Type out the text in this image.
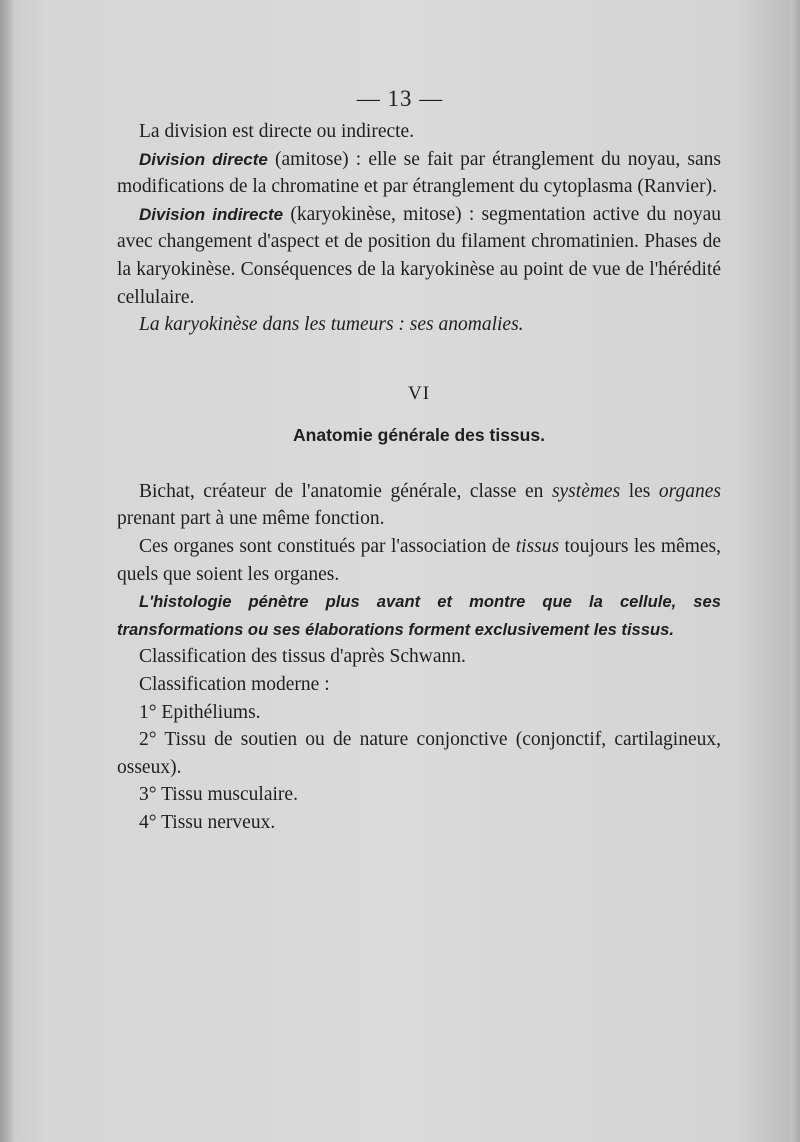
— 13 —

La division est directe ou indirecte.

Division directe (amitose) : elle se fait par étranglement du noyau, sans modifications de la chromatine et par étranglement du cytoplasma (Ranvier).

Division indirecte (karyokinèse, mitose) : segmentation active du noyau avec changement d'aspect et de position du filament chromatinien. Phases de la karyokinèse. Conséquences de la karyokinèse au point de vue de l'hérédité cellulaire.

La karyokinèse dans les tumeurs : ses anomalies.

VI
Anatomie générale des tissus.

Bichat, créateur de l'anatomie générale, classe en systèmes les organes prenant part à une même fonction.

Ces organes sont constitués par l'association de tissus toujours les mêmes, quels que soient les organes.

L'histologie pénètre plus avant et montre que la cellule, ses transformations ou ses élaborations forment exclusivement les tissus.

Classification des tissus d'après Schwann.

Classification moderne :

1° Epithéliums.

2° Tissu de soutien ou de nature conjonctive (conjonctif, cartilagineux, osseux).

3° Tissu musculaire.

4° Tissu nerveux.
